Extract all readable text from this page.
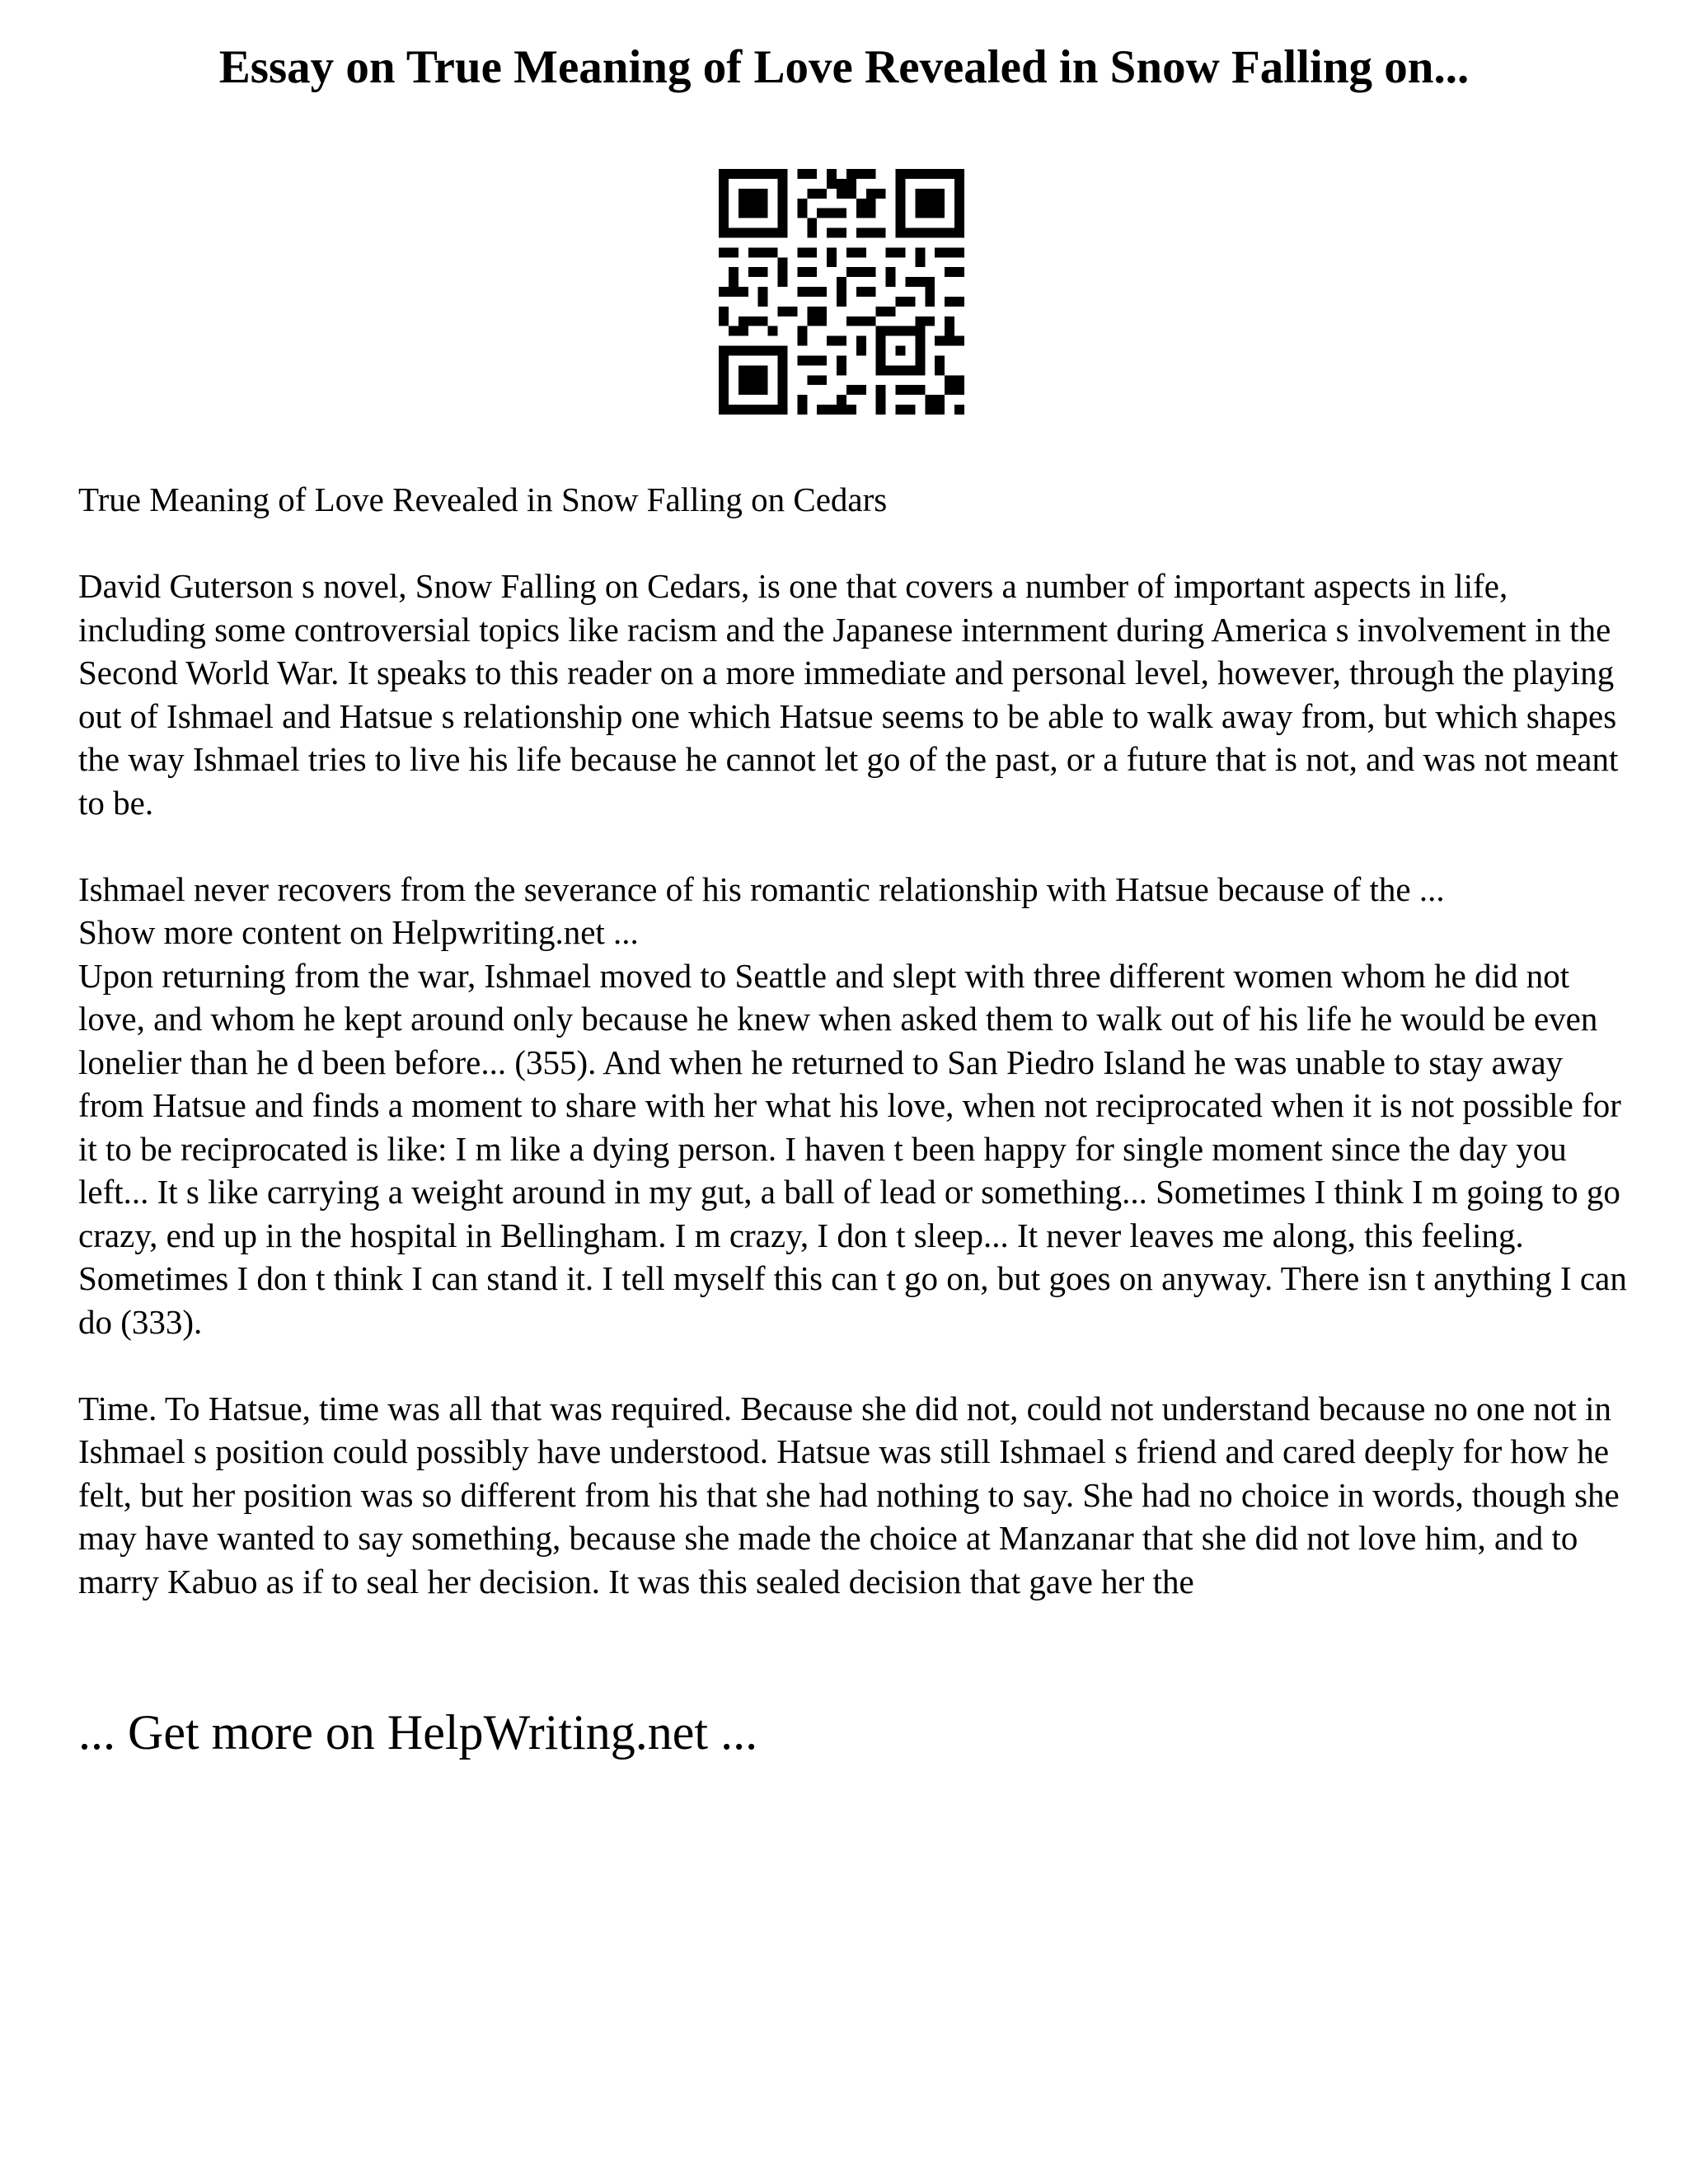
Essay on True Meaning of Love Revealed in Snow Falling on...

True Meaning of Love Revealed in Snow Falling on Cedars

David Guterson s novel, Snow Falling on Cedars, is one that covers a number of important aspects in life, including some controversial topics like racism and the Japanese internment during America s involvement in the Second World War. It speaks to this reader on a more immediate and personal level, however, through the playing out of Ishmael and Hatsue s relationship one which Hatsue seems to be able to walk away from, but which shapes the way Ishmael tries to live his life because he cannot let go of the past, or a future that is not, and was not meant to be.

Ishmael never recovers from the severance of his romantic relationship with Hatsue because of the ...

Show more content on Helpwriting.net ...

Upon returning from the war, Ishmael moved to Seattle and slept with three different women whom he did not love, and whom he kept around only because he knew when asked them to walk out of his life he would be even lonelier than he d been before... (355). And when he returned to San Piedro Island he was unable to stay away from Hatsue and finds a moment to share with her what his love, when not reciprocated when it is not possible for it to be reciprocated is like: I m like a dying person. I haven t been happy for single moment since the day you left... It s like carrying a weight around in my gut, a ball of lead or something... Sometimes I think I m going to go crazy, end up in the hospital in Bellingham. I m crazy, I don t sleep... It never leaves me along, this feeling. Sometimes I don t think I can stand it. I tell myself this can t go on, but goes on anyway. There isn t anything I can do (333).

Time. To Hatsue, time was all that was required. Because she did not, could not understand because no one not in Ishmael s position could possibly have understood. Hatsue was still Ishmael s friend and cared deeply for how he felt, but her position was so different from his that she had nothing to say. She had no choice in words, though she may have wanted to say something, because she made the choice at Manzanar that she did not love him, and to marry Kabuo as if to seal her decision. It was this sealed decision that gave her the

... Get more on HelpWriting.net ...
